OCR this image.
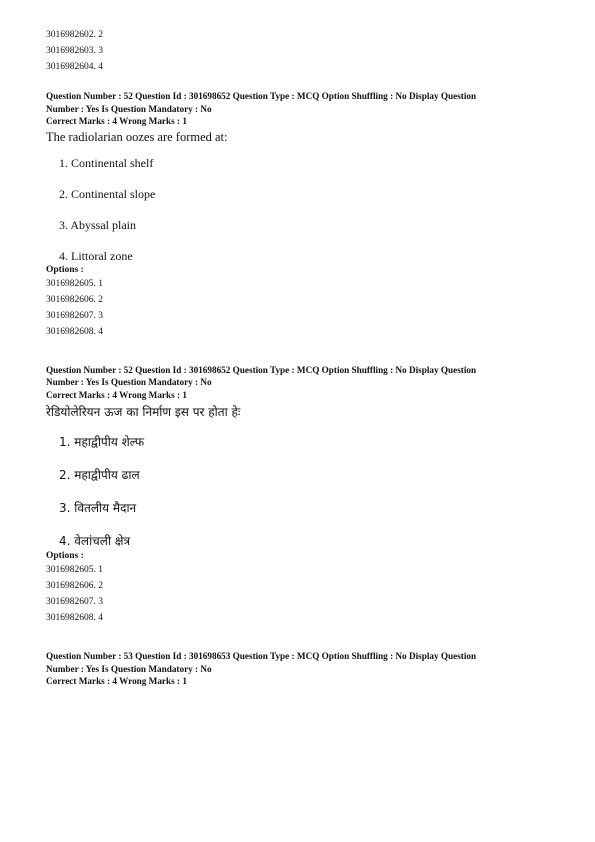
3016982602. 2
3016982603. 3
3016982604. 4
Question Number : 52 Question Id : 301698652 Question Type : MCQ Option Shuffling : No Display Question
Number : Yes Is Question Mandatory : No
Correct Marks : 4 Wrong Marks : 1
The radiolarian oozes are formed at:
1. Continental shelf
2. Continental slope
3. Abyssal plain
4. Littoral zone
Options :
3016982605. 1
3016982606. 2
3016982607. 3
3016982608. 4
Question Number : 52 Question Id : 301698652 Question Type : MCQ Option Shuffling : No Display Question
Number : Yes Is Question Mandatory : No
Correct Marks : 4 Wrong Marks : 1
रेडियोलेरियन ऊज का निर्माण इस पर होता हेः
1. महाद्वीपीय शेल्फ
2. महाद्वीपीय ढाल
3. वितलीय मैदान
4. वेलांचली क्षेत्र
Options :
3016982605. 1
3016982606. 2
3016982607. 3
3016982608. 4
Question Number : 53 Question Id : 301698653 Question Type : MCQ Option Shuffling : No Display Question
Number : Yes Is Question Mandatory : No
Correct Marks : 4 Wrong Marks : 1
